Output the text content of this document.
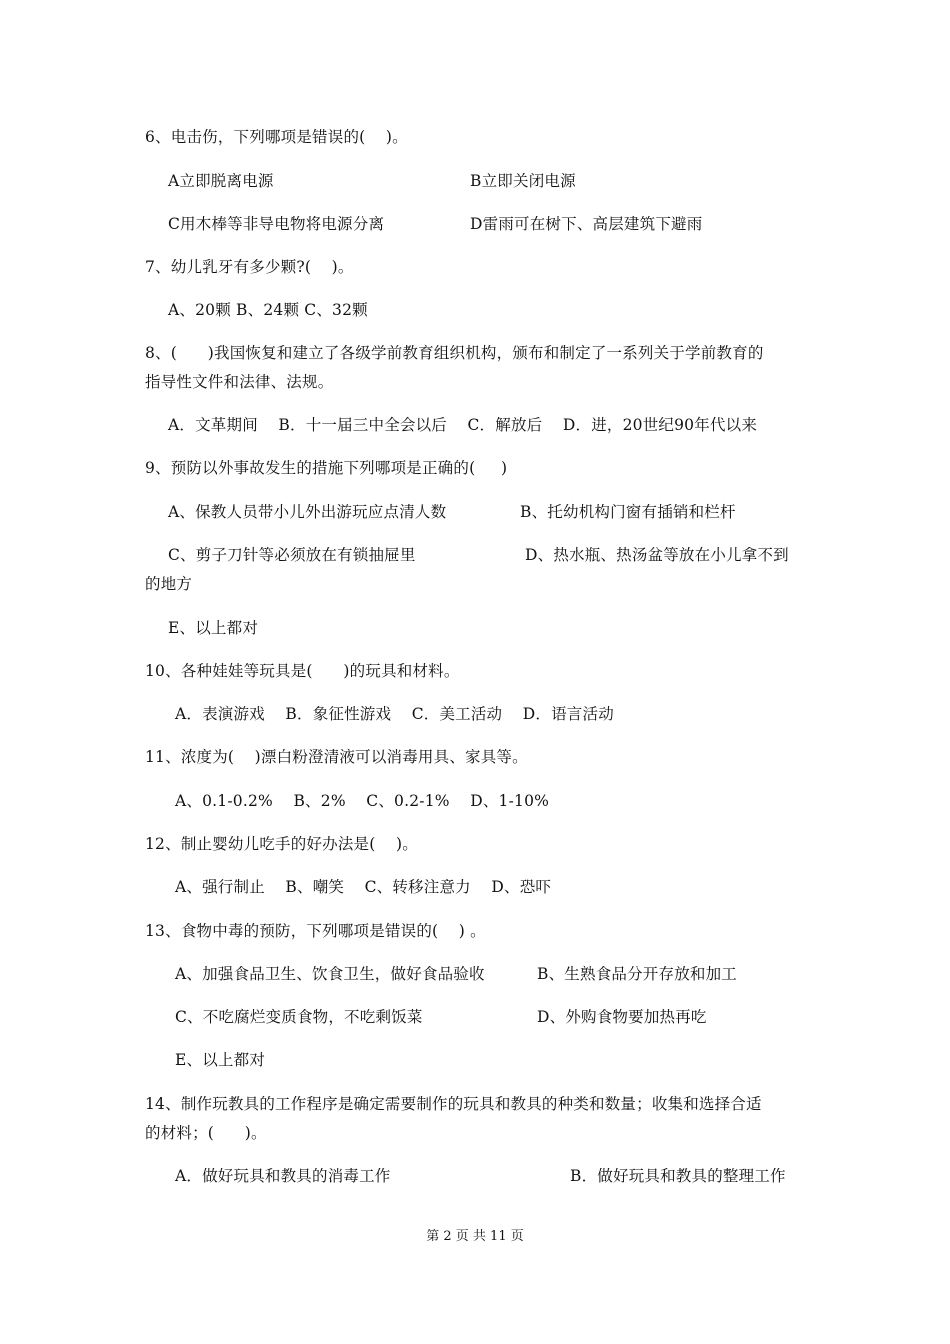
6、电击伤，下列哪项是错误的(    )。
A立即脱离电源	B立即关闭电源
C用木棒等非导电物将电源分离	D雷雨可在树下、高层建筑下避雨
7、幼儿乳牙有多少颗?(    )。
A、20颗 B、24颗 C、32颗
8、(      )我国恢复和建立了各级学前教育组织机构，颁布和制定了一系列关于学前教育的
指导性文件和法律、法规。
A．文革期间    B．十一届三中全会以后    C．解放后    D．进，20世纪90年代以来
9、预防以外事故发生的措施下列哪项是正确的(     )
A、保教人员带小儿外出游玩应点清人数	B、托幼机构门窗有插销和栏杆
C、剪子刀针等必须放在有锁抽屉里	D、热水瓶、热汤盆等放在小儿拿不到
的地方
E、以上都对
10、各种娃娃等玩具是(      )的玩具和材料。
A．表演游戏    B．象征性游戏    C．美工活动    D．语言活动
11、浓度为(    )漂白粉澄清液可以消毒用具、家具等。
A、0.1-0.2%    B、2%    C、0.2-1%    D、1-10%
12、制止婴幼儿吃手的好办法是(    )。
A、强行制止    B、嘲笑    C、转移注意力    D、恐吓
13、食物中毒的预防，下列哪项是错误的(    ) 。
A、加强食品卫生、饮食卫生，做好食品验收	B、生熟食品分开存放和加工
C、不吃腐烂变质食物，不吃剩饭菜	D、外购食物要加热再吃
E、以上都对
14、制作玩教具的工作程序是确定需要制作的玩具和教具的种类和数量；收集和选择合适
的材料；(      )。
A．做好玩具和教具的消毒工作	B．做好玩具和教具的整理工作
第 2 页 共 11 页
